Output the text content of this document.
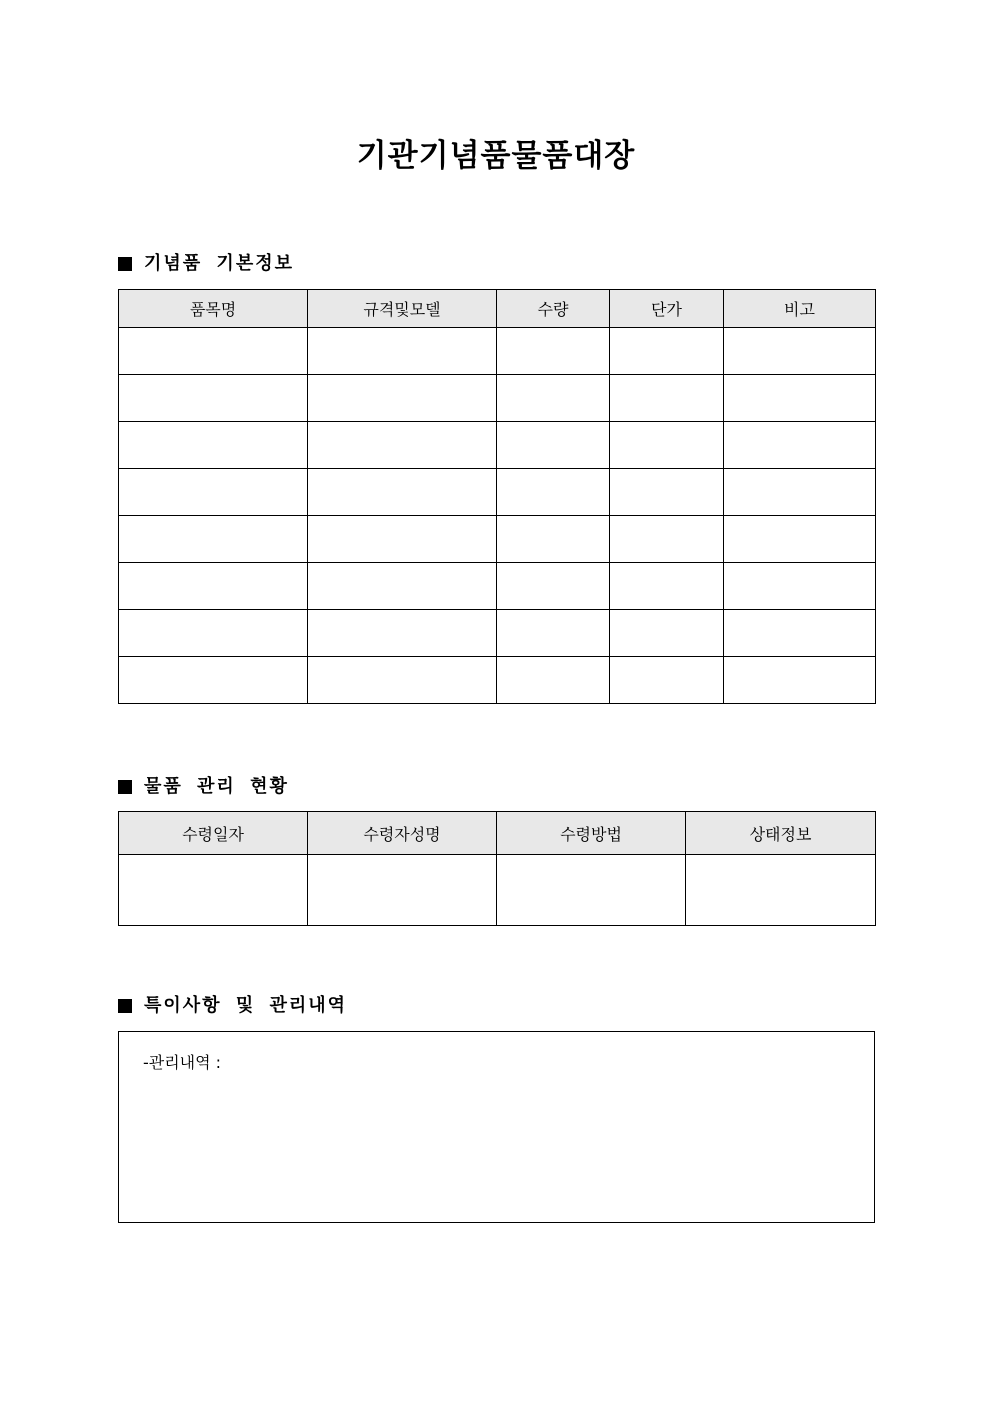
기관기념품물품대장
기념품 기본정보
품목명	규격및모델	수량	단가	비고

물품 관리 현황
수령일자	수령자성명	수령방법	상태정보

특이사항 및 관리내역
-관리내역 :
